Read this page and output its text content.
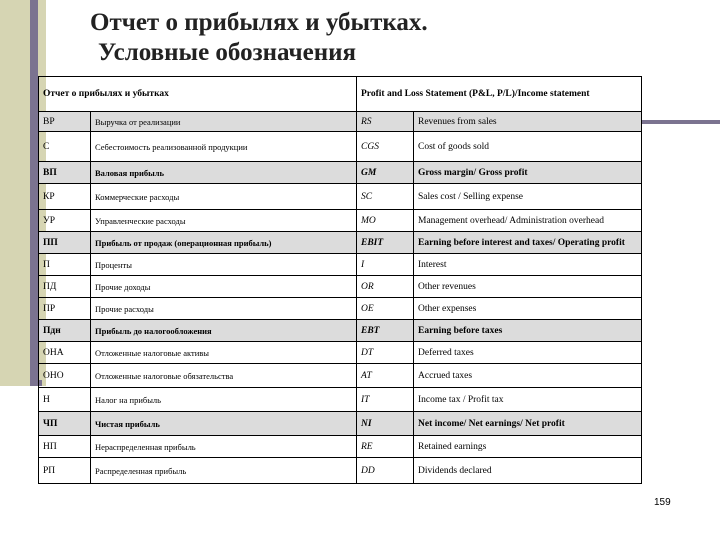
Отчет о прибылях и убытках.
Условные обозначения
Отчет о прибылях и убытках		Profit and Loss Statement (P&L, P/L)/Income statement	
ВР	Выручка от реализации	RS	Revenues from sales
С	Себестоимость реализованной продукции	CGS	Cost of goods sold
ВП	Валовая прибыль	GM	Gross margin/ Gross profit
КР	Коммерческие расходы	SC	Sales cost / Selling expense
УР	Управленческие расходы	MO	Management overhead/ Administration overhead
ПП	Прибыль от продаж (операционная прибыль)	EBIT	Earning before interest and taxes/ Operating profit
П	Проценты	I	Interest
ПД	Прочие доходы	OR	Other revenues
ПР	Прочие расходы	OE	Other expenses
Пдн	Прибыль до налогообложения	EBT	Earning before taxes
ОНА	Отложенные налоговые активы	DT	Deferred taxes
ОНО	Отложенные налоговые обязательства	AT	Accrued taxes
Н	Налог на прибыль	IT	Income tax / Profit tax
ЧП	Чистая прибыль	NI	Net income/ Net earnings/ Net profit
НП	Нераспределенная прибыль	RE	Retained earnings
РП	Распределенная прибыль	DD	Dividends declared
159
